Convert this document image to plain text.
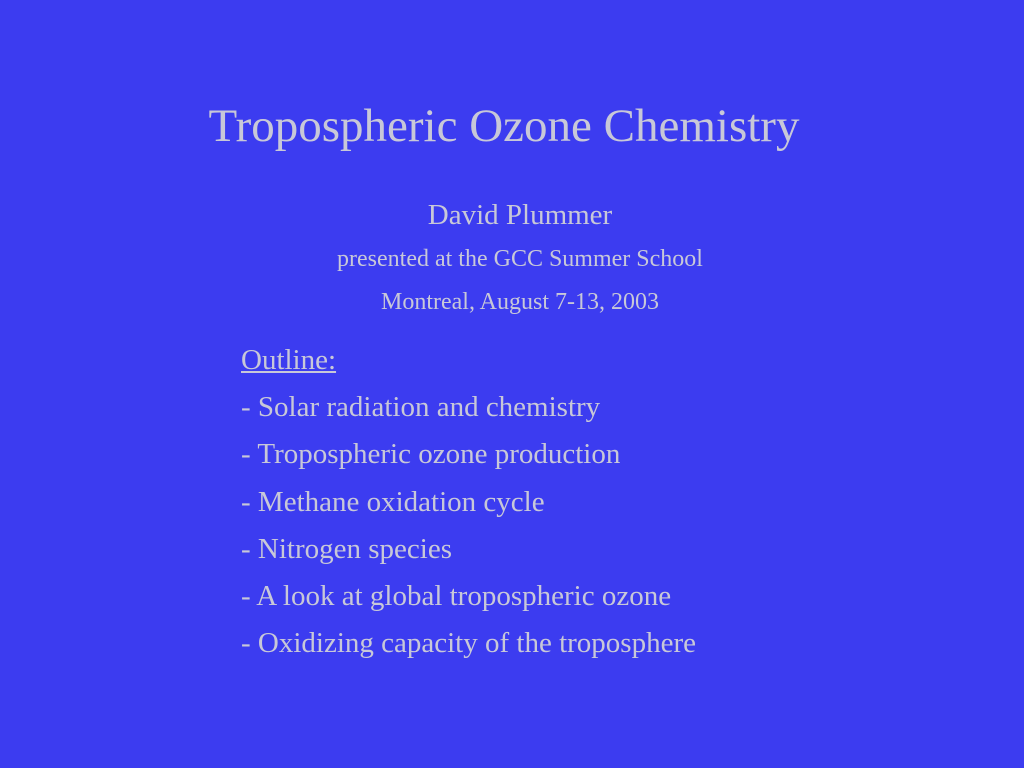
Tropospheric Ozone Chemistry
David Plummer
presented at the GCC Summer School
Montreal, August 7-13, 2003
Outline:
- Solar radiation and chemistry
- Tropospheric ozone production
- Methane oxidation cycle
- Nitrogen species
- A look at global tropospheric ozone
- Oxidizing capacity of the troposphere
